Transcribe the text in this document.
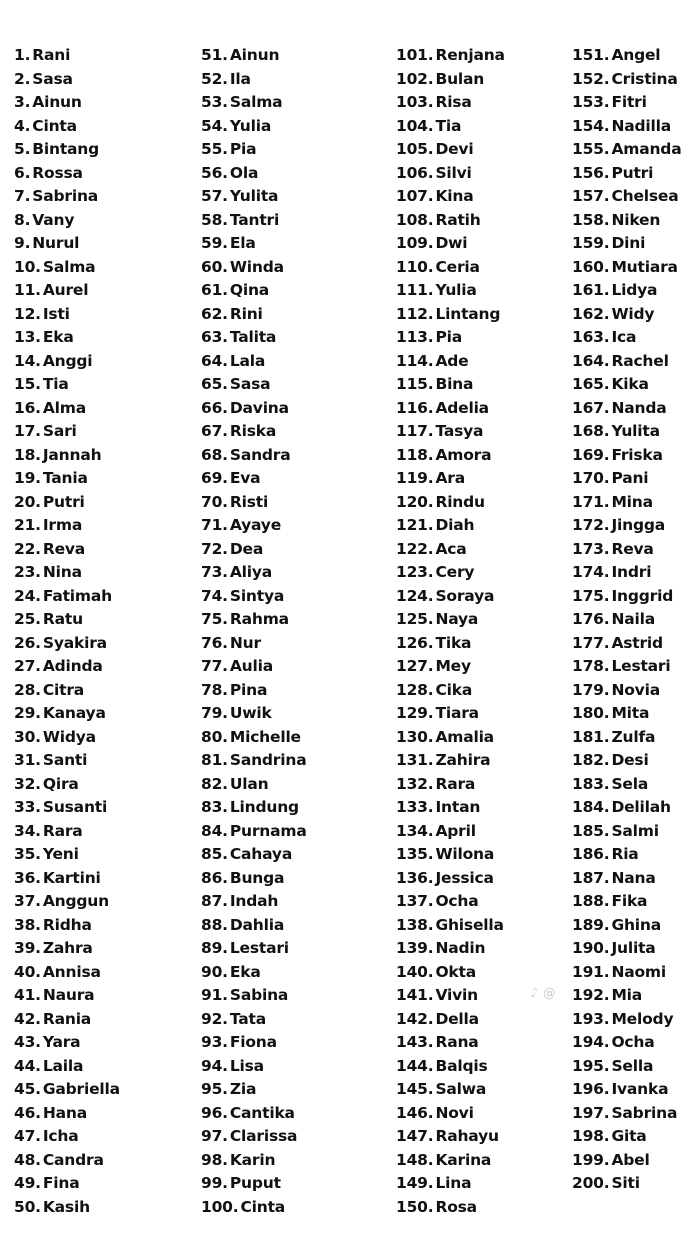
1. Rani
2. Sasa
3. Ainun
4. Cinta
5. Bintang
6. Rossa
7. Sabrina
8. Vany
9. Nurul
10. Salma
11. Aurel
12. Isti
13. Eka
14. Anggi
15. Tia
16. Alma
17. Sari
18. Jannah
19. Tania
20. Putri
21. Irma
22. Reva
23. Nina
24. Fatimah
25. Ratu
26. Syakira
27. Adinda
28. Citra
29. Kanaya
30. Widya
31. Santi
32. Qira
33. Susanti
34. Rara
35. Yeni
36. Kartini
37. Anggun
38. Ridha
39. Zahra
40. Annisa
41. Naura
42. Rania
43. Yara
44. Laila
45. Gabriella
46. Hana
47. Icha
48. Candra
49. Fina
50. Kasih
51. Ainun
52. Ila
53. Salma
54. Yulia
55. Pia
56. Ola
57. Yulita
58. Tantri
59. Ela
60. Winda
61. Qina
62. Rini
63. Talita
64. Lala
65. Sasa
66. Davina
67. Riska
68. Sandra
69. Eva
70. Risti
71. Ayaye
72. Dea
73. Aliya
74. Sintya
75. Rahma
76. Nur
77. Aulia
78. Pina
79. Uwik
80. Michelle
81. Sandrina
82. Ulan
83. Lindung
84. Purnama
85. Cahaya
86. Bunga
87. Indah
88. Dahlia
89. Lestari
90. Eka
91. Sabina
92. Tata
93. Fiona
94. Lisa
95. Zia
96. Cantika
97. Clarissa
98. Karin
99. Puput
100. Cinta
101. Renjana
102. Bulan
103. Risa
104. Tia
105. Devi
106. Silvi
107. Kina
108. Ratih
109. Dwi
110. Ceria
111. Yulia
112. Lintang
113. Pia
114. Ade
115. Bina
116. Adelia
117. Tasya
118. Amora
119. Ara
120. Rindu
121. Diah
122. Aca
123. Cery
124. Soraya
125. Naya
126. Tika
127. Mey
128. Cika
129. Tiara
130. Amalia
131. Zahira
132. Rara
133. Intan
134. April
135. Wilona
136. Jessica
137. Ocha
138. Ghisella
139. Nadin
140. Okta
141. Vivin
142. Della
143. Rana
144. Balqis
145. Salwa
146. Novi
147. Rahayu
148. Karina
149. Lina
150. Rosa
151. Angel
152. Cristina
153. Fitri
154. Nadilla
155. Amanda
156. Putri
157. Chelsea
158. Niken
159. Dini
160. Mutiara
161. Lidya
162. Widy
163. Ica
164. Rachel
165. Kika
167. Nanda
168. Yulita
169. Friska
170. Pani
171. Mina
172. Jingga
173. Reva
174. Indri
175. Inggrid
176. Naila
177. Astrid
178. Lestari
179. Novia
180. Mita
181. Zulfa
182. Desi
183. Sela
184. Delilah
185. Salmi
186. Ria
187. Nana
188. Fika
189. Ghina
190. Julita
191. Naomi
192. Mia
193. Melody
194. Ocha
195. Sella
196. Ivanka
197. Sabrina
198. Gita
199. Abel
200. Siti
♪ @
